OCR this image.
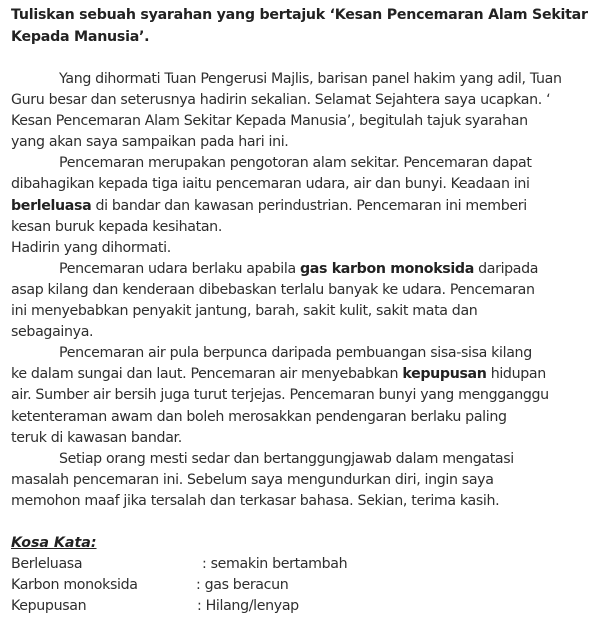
Tuliskan sebuah syarahan yang bertajuk ‘Kesan Pencemaran Alam Sekitar

Kepada Manusia’.

Yang dihormati Tuan Pengerusi Majlis, barisan panel hakim yang adil, Tuan
Guru besar dan seterusnya hadirin sekalian. Selamat Sejahtera saya ucapkan. ‘
Kesan Pencemaran Alam Sekitar Kepada Manusia’, begitulah tajuk syarahan
yang akan saya sampaikan pada hari ini.
Pencemaran merupakan pengotoran alam sekitar. Pencemaran dapat
dibahagikan kepada tiga iaitu pencemaran udara, air dan bunyi. Keadaan ini
berleluasa di bandar dan kawasan perindustrian. Pencemaran ini memberi
kesan buruk kepada kesihatan.
Hadirin yang dihormati.
Pencemaran udara berlaku apabila gas karbon monoksida daripada
asap kilang dan kenderaan dibebaskan terlalu banyak ke udara. Pencemaran
ini menyebabkan penyakit jantung, barah, sakit kulit, sakit mata dan
sebagainya.
Pencemaran air pula berpunca daripada pembuangan sisa-sisa kilang
ke dalam sungai dan laut. Pencemaran air menyebabkan kepupusan hidupan
air. Sumber air bersih juga turut terjejas. Pencemaran bunyi yang mengganggu
ketenteraman awam dan boleh merosakkan pendengaran berlaku paling
teruk di kawasan bandar.
Setiap orang mesti sedar dan bertanggungjawab dalam mengatasi
masalah pencemaran ini. Sebelum saya mengundurkan diri, ingin saya
memohon maaf jika tersalah dan terkasar bahasa. Sekian, terima kasih.

Kosa Kata:

Berleluasa	: semakin bertambah
Karbon monoksida	: gas beracun
Kepupusan	: Hilang/lenyap
